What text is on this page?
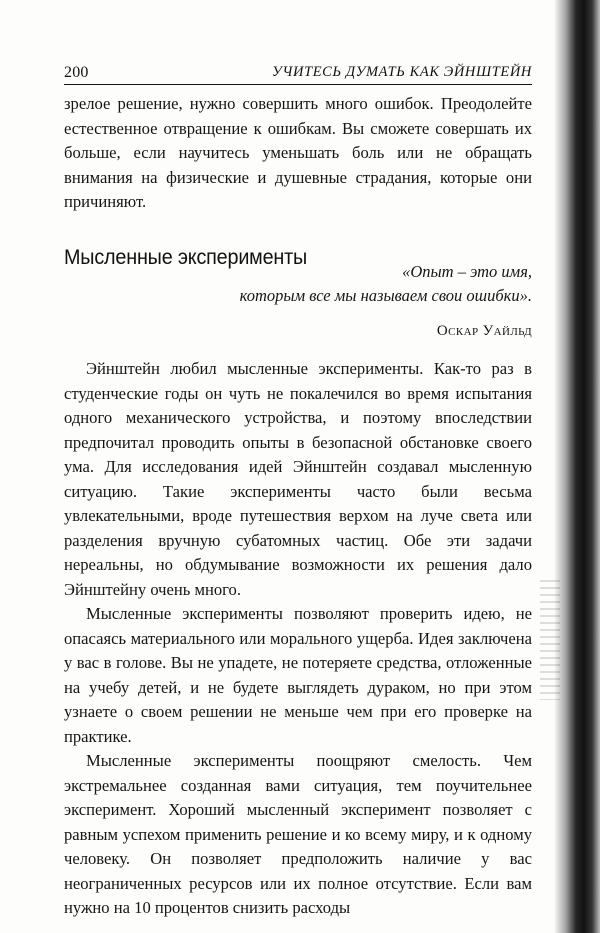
200	УЧИТЕСЬ ДУМАТЬ КАК ЭЙНШТЕЙН

зрелое решение, нужно совершить много ошибок. Преодолейте естественное отвращение к ошибкам. Вы сможете совершать их больше, если научитесь уменьшать боль или не обращать внимания на физические и душевные страдания, которые они причиняют.

Мысленные эксперименты
«Опыт – это имя,
которым все мы называем свои ошибки».
Оскар Уайльд

Эйнштейн любил мысленные эксперименты. Как-то раз в студенческие годы он чуть не покалечился во время испытания одного механического устройства, и поэтому впоследствии предпочитал проводить опыты в безопасной обстановке своего ума. Для исследования идей Эйнштейн создавал мысленную ситуацию. Такие эксперименты часто были весьма увлекательными, вроде путешествия верхом на луче света или разделения вручную субатомных частиц. Обе эти задачи нереальны, но обдумывание возможности их решения дало Эйнштейну очень много.

Мысленные эксперименты позволяют проверить идею, не опасаясь материального или морального ущерба. Идея заключена у вас в голове. Вы не упадете, не потеряете средства, отложенные на учебу детей, и не будете выглядеть дураком, но при этом узнаете о своем решении не меньше чем при его проверке на практике.

Мысленные эксперименты поощряют смелость. Чем экстремальнее созданная вами ситуация, тем поучительнее эксперимент. Хороший мысленный эксперимент позволяет с равным успехом применить решение и ко всему миру, и к одному человеку. Он позволяет предположить наличие у вас неограниченных ресурсов или их полное отсутствие. Если вам нужно на 10 процентов снизить расходы
